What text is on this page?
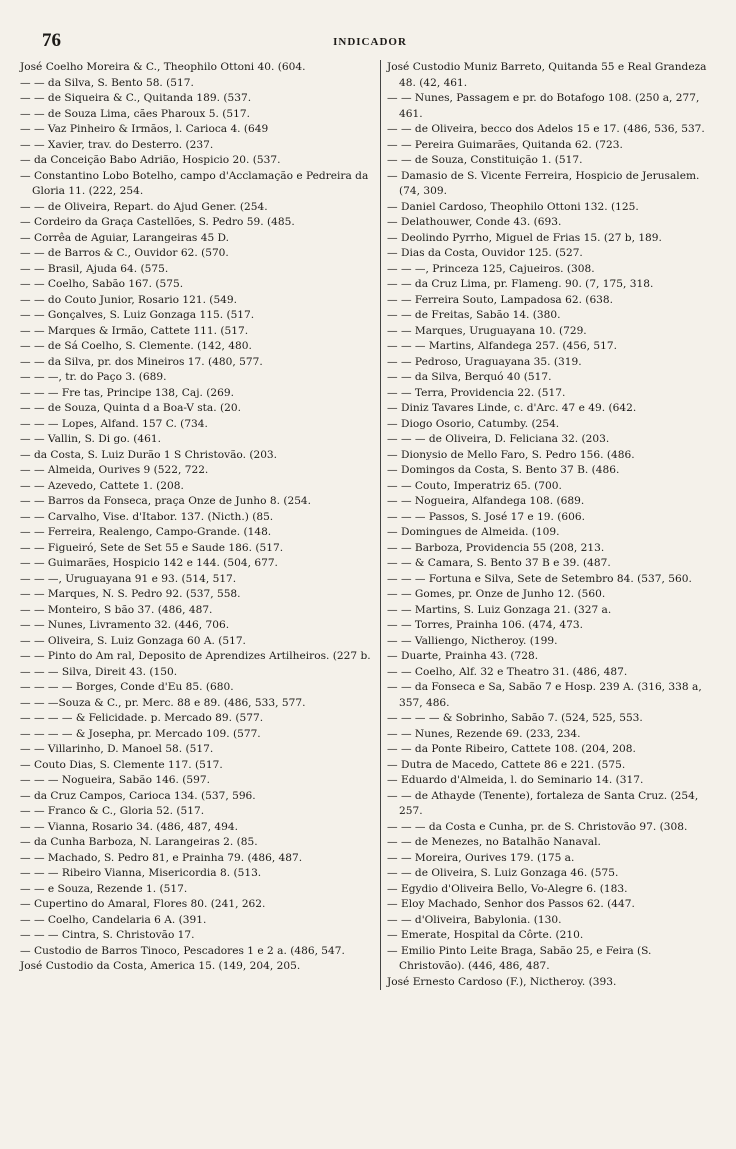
76	INDICADOR
José Coelho Moreira & C., Theophilo Ottoni 40. (604.
— — da Silva, S. Bento 58. (517.
— — de Siqueira & C., Quitanda 189. (537.
— — de Souza Lima, cães Pharoux 5. (517.
— — Vaz Pinheiro & Irmãos, l. Carioca 4. (649
— — Xavier, trav. do Desterro. (237.
— da Conceição Babo Adrião, Hospicio 20. (537.
— Constantino Lobo Botelho, campo d'Acclamação e Pedreira da Gloria 11. (222, 254.
— — de Oliveira, Repart. do Ajud Gener. (254.
— Cordeiro da Graça Castellões, S. Pedro 59. (485.
— Corrêa de Aguiar, Larangeiras 45 D.
— — de Barros & C., Ouvidor 62. (570.
— — Brasil, Ajuda 64. (575.
— — Coelho, Sabão 167. (575.
— — do Couto Junior, Rosario 121. (549.
— — Gonçalves, S. Luiz Gonzaga 115. (517.
— — Marques & Irmão, Cattete 111. (517.
— — de Sá Coelho, S. Clemente. (142, 480.
— — da Silva, pr. dos Mineiros 17. (480, 577.
— — —, tr. do Paço 3. (689.
— — — Fre tas, Principe 138, Caj. (269.
— — de Souza, Quinta d a Boa-V sta. (20.
— — — Lopes, Alfand. 157 C. (734.
— — Vallin, S. Di go. (461.
— da Costa, S. Luiz Durão 1 S Christovão. (203.
— — Almeida, Ourives 9 (522, 722.
— — Azevedo, Cattete 1. (208.
— — Barros da Fonseca, praça Onze de Junho 8. (254.
— — Carvalho, Vise. d'Itabor. 137. (Nicth.) (85.
— — Ferreira, Realengo, Campo-Grande. (148.
— — Figueiró, Sete de Set 55 e Saude 186. (517.
— — Guimarães, Hospicio 142 e 144. (504, 677.
— — —, Uruguayana 91 e 93. (514, 517.
— — Marques, N. S. Pedro 92. (537, 558.
— — Monteiro, S bão 37. (486, 487.
— — Nunes, Livramento 32. (446, 706.
— — Oliveira, S. Luiz Gonzaga 60 A. (517.
— — Pinto do Am ral, Deposito de Aprendizes Artilheiros. (227 b.
— — — Silva, Direit 43. (150.
— — — — Borges, Conde d'Eu 85. (680.
— — —Souza & C., pr. Merc. 88 e 89. (486, 533, 577.
— — — — & Felicidade. p. Mercado 89. (577.
— — — — & Josepha, pr. Mercado 109. (577.
— — Villarinho, D. Manoel 58. (517.
— Couto Dias, S. Clemente 117. (517.
— — — Nogueira, Sabão 146. (597.
— da Cruz Campos, Carioca 134. (537, 596.
— — Franco & C., Gloria 52. (517.
— — Vianna, Rosario 34. (486, 487, 494.
— da Cunha Barboza, N. Larangeiras 2. (85.
— — Machado, S. Pedro 81, e Prainha 79. (486, 487.
— — — Ribeiro Vianna, Misericordia 8. (513.
— — e Souza, Rezende 1. (517.
— Cupertino do Amaral, Flores 80. (241, 262.
— — Coelho, Candelaria 6 A. (391.
— — — Cintra, S. Christovão 17.
— Custodio de Barros Tinoco, Pescadores 1 e 2 a. (486, 547.
José Custodio da Costa, America 15. (149, 204, 205.
José Custodio Muniz Barreto, Quitanda 55 e Real Grandeza 48. (42, 461.
— — Nunes, Passagem e pr. do Botafogo 108. (250 a, 277, 461.
— — de Oliveira, becco dos Adelos 15 e 17. (486, 536, 537.
— — Pereira Guimarães, Quitanda 62. (723.
— — de Souza, Constituição 1. (517.
— Damasio de S. Vicente Ferreira, Hospicio de Jerusalem. (74, 309.
— Daniel Cardoso, Theophilo Ottoni 132. (125.
— Delathouwer, Conde 43. (693.
— Deolindo Pyrrho, Miguel de Frias 15. (27 b, 189.
— Dias da Costa, Ouvidor 125. (527.
— — —, Princeza 125, Cajueiros. (308.
— — da Cruz Lima, pr. Flameng. 90. (7, 175, 318.
— — Ferreira Souto, Lampadosa 62. (638.
— — de Freitas, Sabão 14. (380.
— — Marques, Uruguayana 10. (729.
— — — Martins, Alfandega 257. (456, 517.
— — Pedroso, Uraguayana 35. (319.
— — da Silva, Berquó 40 (517.
— — Terra, Providencia 22. (517.
— Diniz Tavares Linde, c. d'Arc. 47 e 49. (642.
— Diogo Osorio, Catumby. (254.
— — — de Oliveira, D. Feliciana 32. (203.
— Dionysio de Mello Faro, S. Pedro 156. (486.
— Domingos da Costa, S. Bento 37 B. (486.
— — Couto, Imperatriz 65. (700.
— — Nogueira, Alfandega 108. (689.
— — — Passos, S. José 17 e 19. (606.
— Domingues de Almeida. (109.
— — Barboza, Providencia 55 (208, 213.
— — & Camara, S. Bento 37 B e 39. (487.
— — — Fortuna e Silva, Sete de Setembro 84. (537, 560.
— — Gomes, pr. Onze de Junho 12. (560.
— — Martins, S. Luiz Gonzaga 21. (327 a.
— — Torres, Prainha 106. (474, 473.
— — Valliengo, Nictheroy. (199.
— Duarte, Prainha 43. (728.
— — Coelho, Alf. 32 e Theatro 31. (486, 487.
— — da Fonseca e Sa, Sabão 7 e Hosp. 239 A. (316, 338 a, 357, 486.
— — — — & Sobrinho, Sabão 7. (524, 525, 553.
— — Nunes, Rezende 69. (233, 234.
— — da Ponte Ribeiro, Cattete 108. (204, 208.
— Dutra de Macedo, Cattete 86 e 221. (575.
— Eduardo d'Almeida, l. do Seminario 14. (317.
— — de Athayde (Tenente), fortaleza de Santa Cruz. (254, 257.
— — — da Costa e Cunha, pr. de S. Christovão 97. (308.
— — de Menezes, no Batalhão Nanaval.
— — Moreira, Ourives 179. (175 a.
— — de Oliveira, S. Luiz Gonzaga 46. (575.
— Egydio d'Oliveira Bello, Vo-Alegre 6. (183.
— Eloy Machado, Senhor dos Passos 62. (447.
— — d'Oliveira, Babylonia. (130.
— Emerate, Hospital da Côrte. (210.
— Emilio Pinto Leite Braga, Sabão 25, e Feira (S. Christovão). (446, 486, 487.
José Ernesto Cardoso (F.), Nictheroy. (393.
